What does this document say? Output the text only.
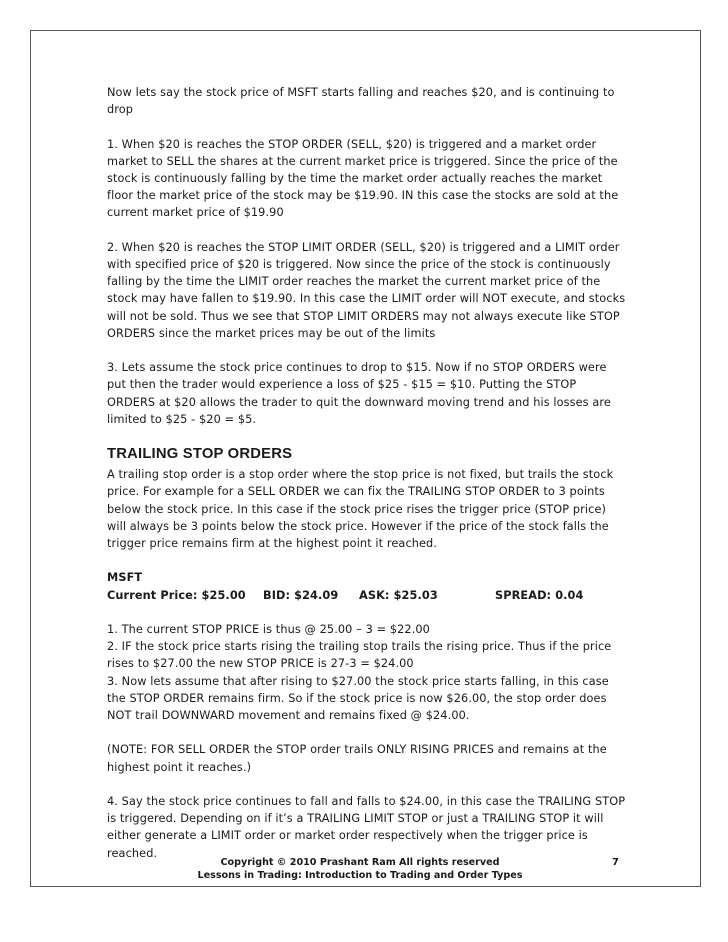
Now lets say the stock price of MSFT starts falling and reaches $20, and is continuing to drop

1. When $20 is reaches the STOP ORDER (SELL, $20) is triggered and a market order market to SELL the shares at the current market price is triggered. Since the price of the stock is continuously falling by the time the market order actually reaches the market floor the market price of the stock may be $19.90. IN this case the stocks are sold at the current market price of $19.90

2. When $20 is reaches the STOP LIMIT ORDER (SELL, $20) is triggered and a LIMIT order with specified price of $20 is triggered. Now since the price of the stock is continuously falling by the time the LIMIT order reaches the market the current market price of the stock may have fallen to $19.90. In this case the LIMIT order will NOT execute, and stocks will not be sold. Thus we see that STOP LIMIT ORDERS may not always execute like STOP ORDERS since the market prices may be out of the limits

3. Lets assume the stock price continues to drop to $15. Now if no STOP ORDERS were put then the trader would experience a loss of $25 - $15 = $10. Putting the STOP ORDERS at $20 allows the trader to quit the downward moving trend and his losses are limited to $25 - $20 = $5.

TRAILING STOP ORDERS

A trailing stop order is a stop order where the stop price is not fixed, but trails the stock price. For example for a SELL ORDER we can fix the TRAILING STOP ORDER to 3 points below the stock price. In this case if the stock price rises the trigger price (STOP price) will always be 3 points below the stock price. However if the price of the stock falls the trigger price remains firm at the highest point it reached.

MSFT
Current Price: $25.00	BID: $24.09	ASK: $25.03	SPREAD: 0.04

1. The current STOP PRICE is thus @ 25.00 – 3 = $22.00

2. IF the stock price starts rising the trailing stop trails the rising price. Thus if the price rises to $27.00 the new STOP PRICE is 27-3 = $24.00

3. Now lets assume that after rising to $27.00 the stock price starts falling, in this case the STOP ORDER remains firm. So if the stock price is now $26.00, the stop order does NOT trail DOWNWARD movement and remains fixed @ $24.00.

(NOTE: FOR SELL ORDER the STOP order trails ONLY RISING PRICES and remains at the highest point it reaches.)

4. Say the stock price continues to fall and falls to $24.00, in this case the TRAILING STOP is triggered. Depending on if it’s a TRAILING LIMIT STOP or just a TRAILING STOP it will either generate a LIMIT order or market order respectively when the trigger price is reached.

Copyright © 2010 Prashant Ram All rights reserved
Lessons in Trading: Introduction to Trading and Order Types
7
